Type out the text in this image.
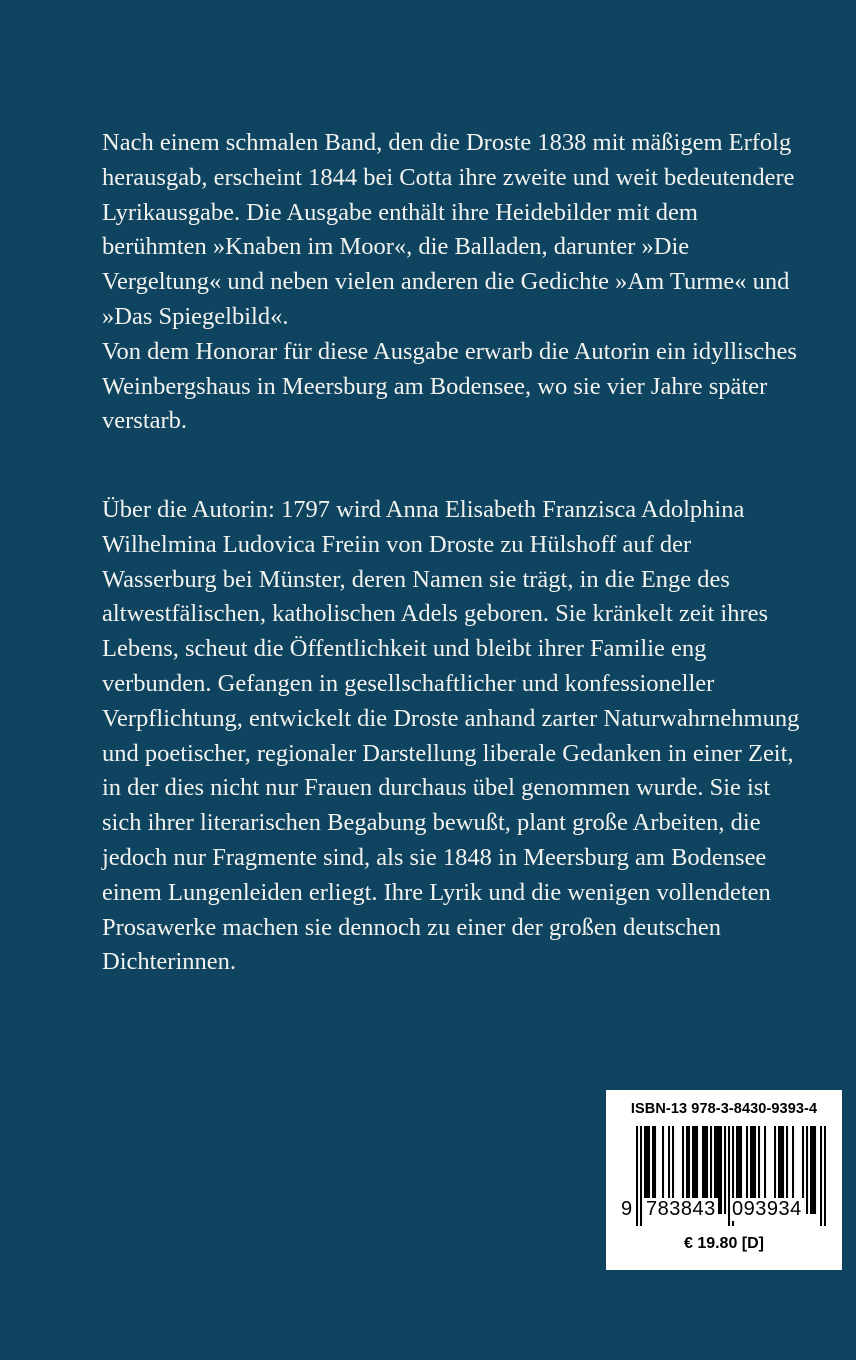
Nach einem schmalen Band, den die Droste 1838 mit mäßigem Erfolg herausgab, erscheint 1844 bei Cotta ihre zweite und weit bedeutendere Lyrikausgabe. Die Ausgabe enthält ihre Heidebilder mit dem berühmten »Knaben im Moor«, die Balladen, darunter »Die Vergeltung« und neben vielen anderen die Gedichte »Am Turme« und »Das Spiegelbild«.

Von dem Honorar für diese Ausgabe erwarb die Autorin ein idyllisches Weinbergshaus in Meersburg am Bodensee, wo sie vier Jahre später verstarb.

Über die Autorin: 1797 wird Anna Elisabeth Franzisca Adolphina Wilhelmina Ludovica Freiin von Droste zu Hülshoff auf der Wasserburg bei Münster, deren Namen sie trägt, in die Enge des altwestfälischen, katholischen Adels geboren. Sie kränkelt zeit ihres Lebens, scheut die Öffentlichkeit und bleibt ihrer Familie eng verbunden. Gefangen in gesellschaftlicher und konfessioneller Verpflichtung, entwickelt die Droste anhand zarter Naturwahrnehmung und poetischer, regionaler Darstellung liberale Gedanken in einer Zeit, in der dies nicht nur Frauen durchaus übel genommen wurde. Sie ist sich ihrer literarischen Begabung bewußt, plant große Arbeiten, die jedoch nur Fragmente sind, als sie 1848 in Meersburg am Bodensee einem Lungenleiden erliegt. Ihre Lyrik und die wenigen vollendeten Prosawerke machen sie dennoch zu einer der großen deutschen Dichterinnen.

ISBN-13 978-3-8430-9393-4
9 783843 093934
€ 19.80 [D]
